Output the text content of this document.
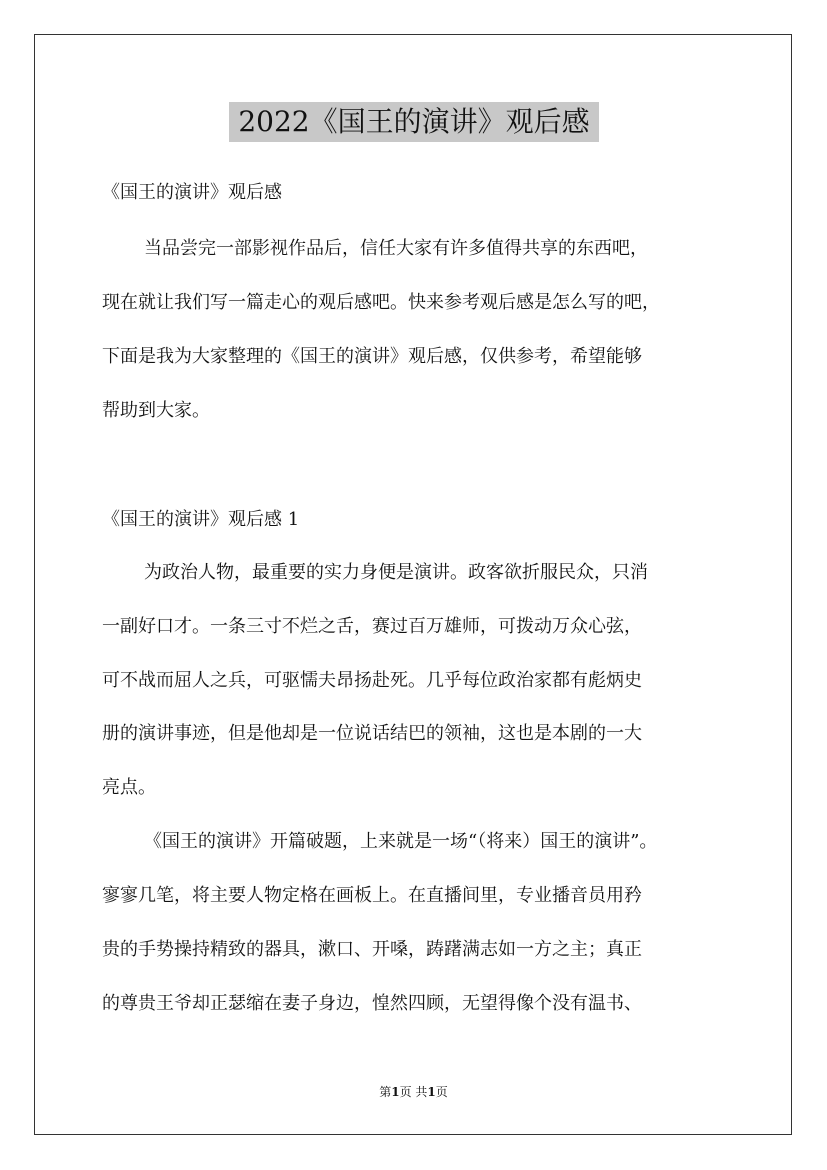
2022《国王的演讲》观后感
《国王的演讲》观后感
当品尝完一部影视作品后，信任大家有许多值得共享的东西吧，
现在就让我们写一篇走心的观后感吧。快来参考观后感是怎么写的吧，
下面是我为大家整理的《国王的演讲》观后感，仅供参考，希望能够
帮助到大家。
《国王的演讲》观后感 1
为政治人物，最重要的实力身便是演讲。政客欲折服民众，只消
一副好口才。一条三寸不烂之舌，赛过百万雄师，可拨动万众心弦，
可不战而屈人之兵，可驱懦夫昂扬赴死。几乎每位政治家都有彪炳史
册的演讲事迹，但是他却是一位说话结巴的领袖，这也是本剧的一大
亮点。
《国王的演讲》开篇破题，上来就是一场“（将来）国王的演讲”。
寥寥几笔，将主要人物定格在画板上。在直播间里，专业播音员用矜
贵的手势操持精致的器具，漱口、开嗓，踌躇满志如一方之主；真正
的尊贵王爷却正瑟缩在妻子身边，惶然四顾，无望得像个没有温书、
第1页 共1页
